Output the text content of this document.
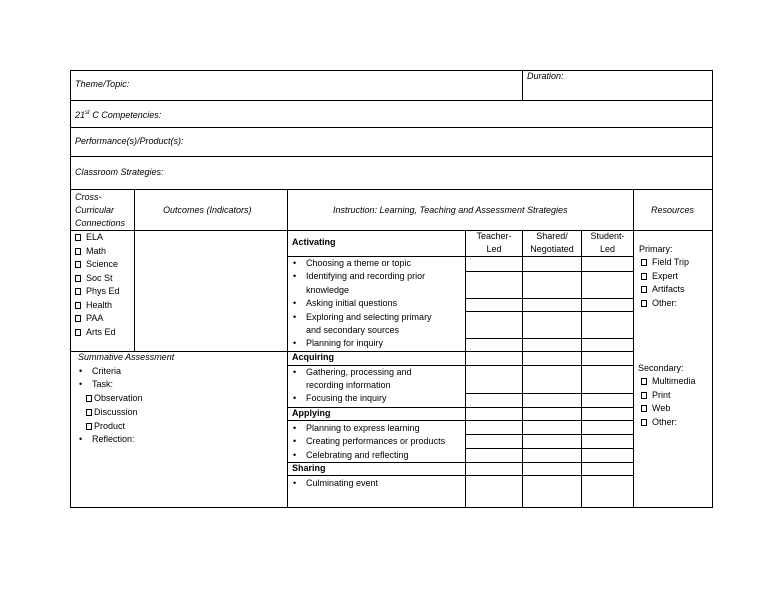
Theme/Topic:
Duration:
21st C Competencies:
Performance(s)/Product(s):
Classroom Strategies:
Cross-
Curricular
Connections
Outcomes (Indicators)	Instruction: Learning, Teaching and Assessment Strategies	Resources
ELA
Math
Science
Soc St
Phys Ed
Health
PAA
Arts Ed
Summative Assessment
• Criteria
• Task:
Observation
Discussion
Product
• Reflection:
Teacher-
Led
Shared/
Negotiated
Student-
Led
Activating
• Choosing a theme or topic
• Identifying and recording prior
knowledge
• Asking initial questions
• Exploring and selecting primary
and secondary sources
• Planning for inquiry
Acquiring
• Gathering, processing and
recording information
• Focusing the inquiry
Applying
• Planning to express learning
• Creating performances or products
• Celebrating and reflecting
Sharing
• Culminating event
Primary:
Field Trip
Expert
Artifacts
Other:
Secondary:
Multimedia
Print
Web
Other:
